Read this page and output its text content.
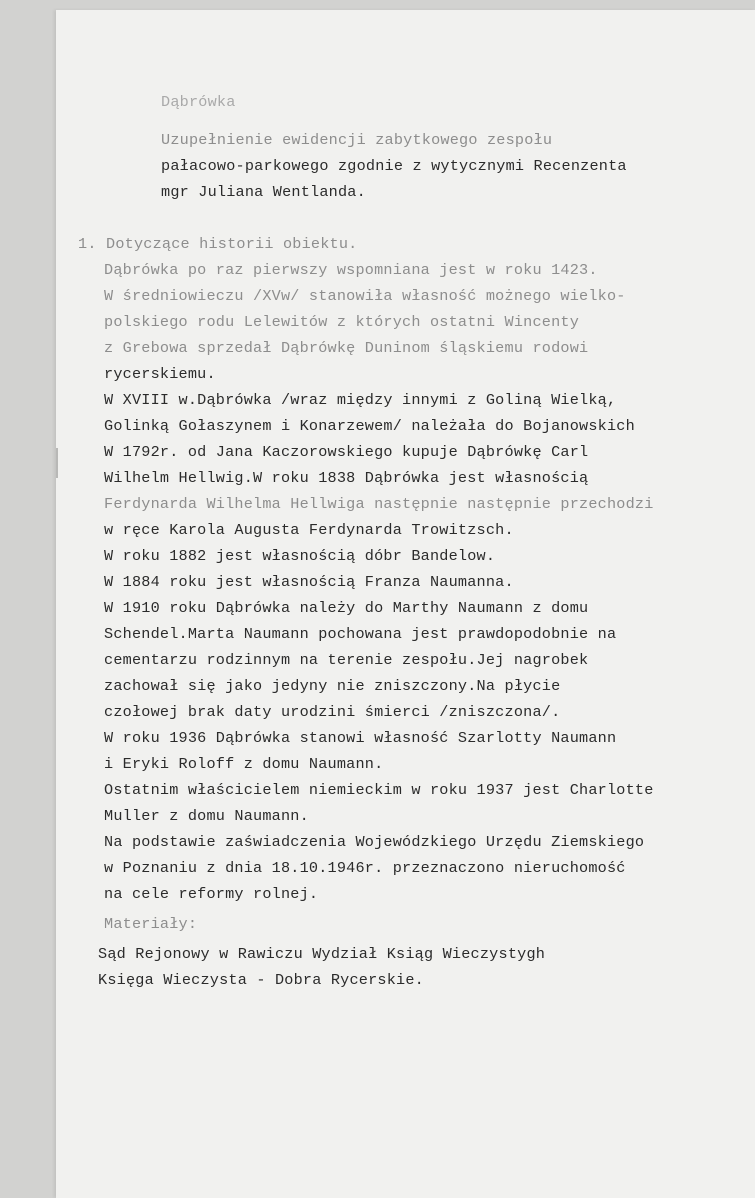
Dąbrówka
Uzupełnienie ewidencji zabytkowego zespołu
pałacowo-parkowego zgodnie z wytycznymi Recenzenta
mgr Juliana Wentlanda.
1. Dotyczące historii obiektu.
Dąbrówka po raz pierwszy wspomniana jest w roku 1423.
W średniowieczu /XVw/ stanowiła własność możnego wielko-
polskiego rodu Lelewitów z których ostatni Wincenty
z Grebowa sprzedał Dąbrówkę Duninom śląskiemu rodowi
rycerskiemu.
W XVIII w.Dąbrówka /wraz między innymi z Goliną Wielką,
Golinką Gołaszynem i Konarzewem/ należała do Bojanowskich
W 1792r. od Jana Kaczorowskiego kupuje Dąbrówkę Carl
Wilhelm Hellwig.W roku 1838 Dąbrówka jest własnością
Ferdynarda Wilhelma Hellwiga następnie następnie przechodzi
w ręce Karola Augusta Ferdynarda Trowitzsch.
W roku 1882 jest własnością dóbr Bandelow.
W 1884 roku jest własnością Franza Naumanna.
W 1910 roku Dąbrówka należy do Marthy Naumann z domu
Schendel.Marta Naumann pochowana jest prawdopodobnie na
cementarzu rodzinnym na terenie zespołu.Jej nagrobek
zachował się jako jedyny nie zniszczony.Na płycie
czołowej brak daty urodzini śmierci /zniszczona/.
W roku 1936 Dąbrówka stanowi własność Szarlotty Naumann
i Eryki Roloff z domu Naumann.
Ostatnim właścicielem niemieckim w roku 1937 jest Charlotte
Muller z domu Naumann.
Na podstawie zaświadczenia Wojewódzkiego Urzędu Ziemskiego
w Poznaniu z dnia 18.10.1946r. przeznaczono nieruchomość
na cele reformy rolnej.
Materiały:
Sąd Rejonowy w Rawiczu Wydział Ksiąg Wieczystygh
Księga Wieczysta - Dobra Rycerskie.
